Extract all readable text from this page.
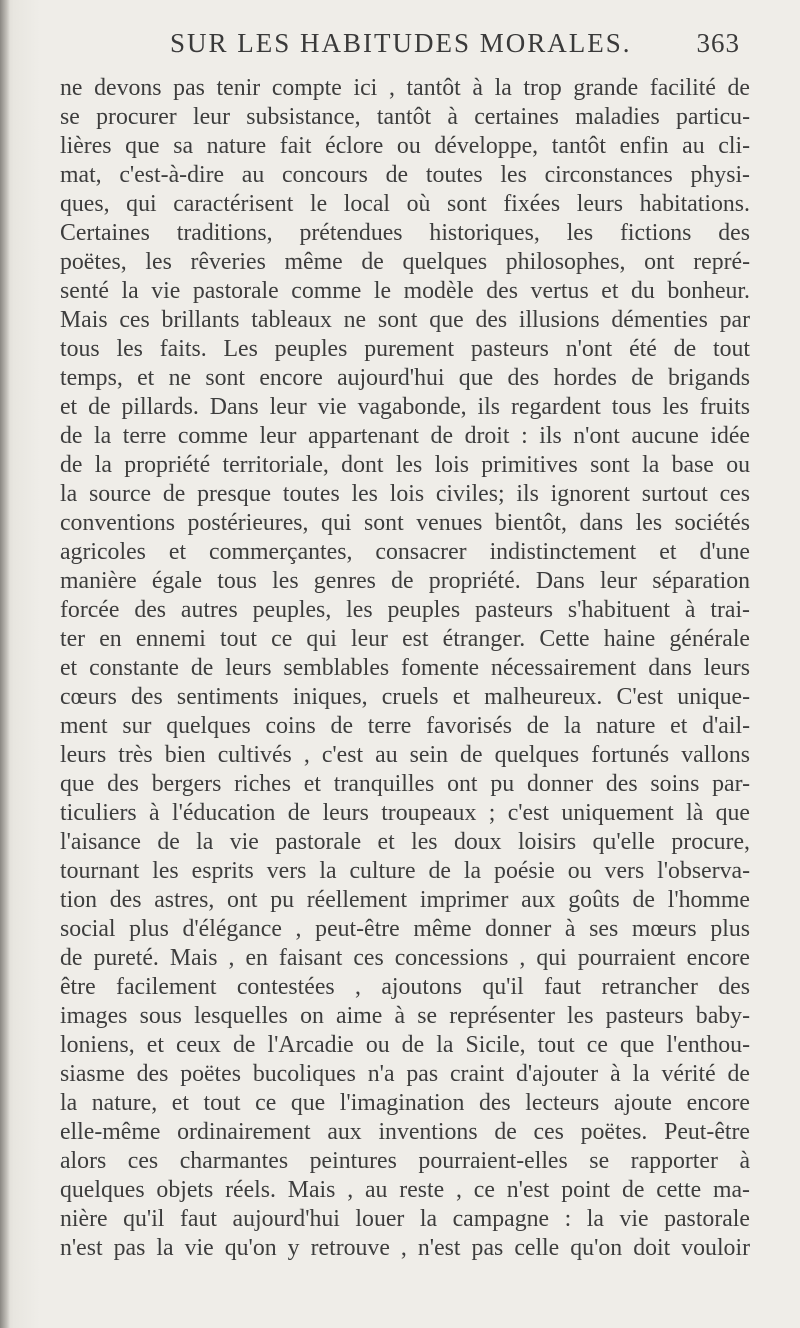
SUR LES HABITUDES MORALES. 363
ne devons pas tenir compte ici , tantôt à la trop grande facilité de
se procurer leur subsistance, tantôt à certaines maladies particu-
lières que sa nature fait éclore ou développe, tantôt enfin au cli-
mat, c'est-à-dire au concours de toutes les circonstances physi-
ques, qui caractérisent le local où sont fixées leurs habitations.
Certaines traditions, prétendues historiques, les fictions des
poëtes, les rêveries même de quelques philosophes, ont repré-
senté la vie pastorale comme le modèle des vertus et du bonheur.
Mais ces brillants tableaux ne sont que des illusions démenties par
tous les faits. Les peuples purement pasteurs n'ont été de tout
temps, et ne sont encore aujourd'hui que des hordes de brigands
et de pillards. Dans leur vie vagabonde, ils regardent tous les fruits
de la terre comme leur appartenant de droit : ils n'ont aucune idée
de la propriété territoriale, dont les lois primitives sont la base ou
la source de presque toutes les lois civiles; ils ignorent surtout ces
conventions postérieures, qui sont venues bientôt, dans les sociétés
agricoles et commerçantes, consacrer indistinctement et d'une
manière égale tous les genres de propriété. Dans leur séparation
forcée des autres peuples, les peuples pasteurs s'habituent à trai-
ter en ennemi tout ce qui leur est étranger. Cette haine générale
et constante de leurs semblables fomente nécessairement dans leurs
cœurs des sentiments iniques, cruels et malheureux. C'est unique-
ment sur quelques coins de terre favorisés de la nature et d'ail-
leurs très bien cultivés , c'est au sein de quelques fortunés vallons
que des bergers riches et tranquilles ont pu donner des soins par-
ticuliers à l'éducation de leurs troupeaux ; c'est uniquement là que
l'aisance de la vie pastorale et les doux loisirs qu'elle procure,
tournant les esprits vers la culture de la poésie ou vers l'observa-
tion des astres, ont pu réellement imprimer aux goûts de l'homme
social plus d'élégance , peut-être même donner à ses mœurs plus
de pureté. Mais , en faisant ces concessions , qui pourraient encore
être facilement contestées , ajoutons qu'il faut retrancher des
images sous lesquelles on aime à se représenter les pasteurs baby-
loniens, et ceux de l'Arcadie ou de la Sicile, tout ce que l'enthou-
siasme des poëtes bucoliques n'a pas craint d'ajouter à la vérité de
la nature, et tout ce que l'imagination des lecteurs ajoute encore
elle-même ordinairement aux inventions de ces poëtes. Peut-être
alors ces charmantes peintures pourraient-elles se rapporter à
quelques objets réels. Mais , au reste , ce n'est point de cette ma-
nière qu'il faut aujourd'hui louer la campagne : la vie pastorale
n'est pas la vie qu'on y retrouve , n'est pas celle qu'on doit vouloir
